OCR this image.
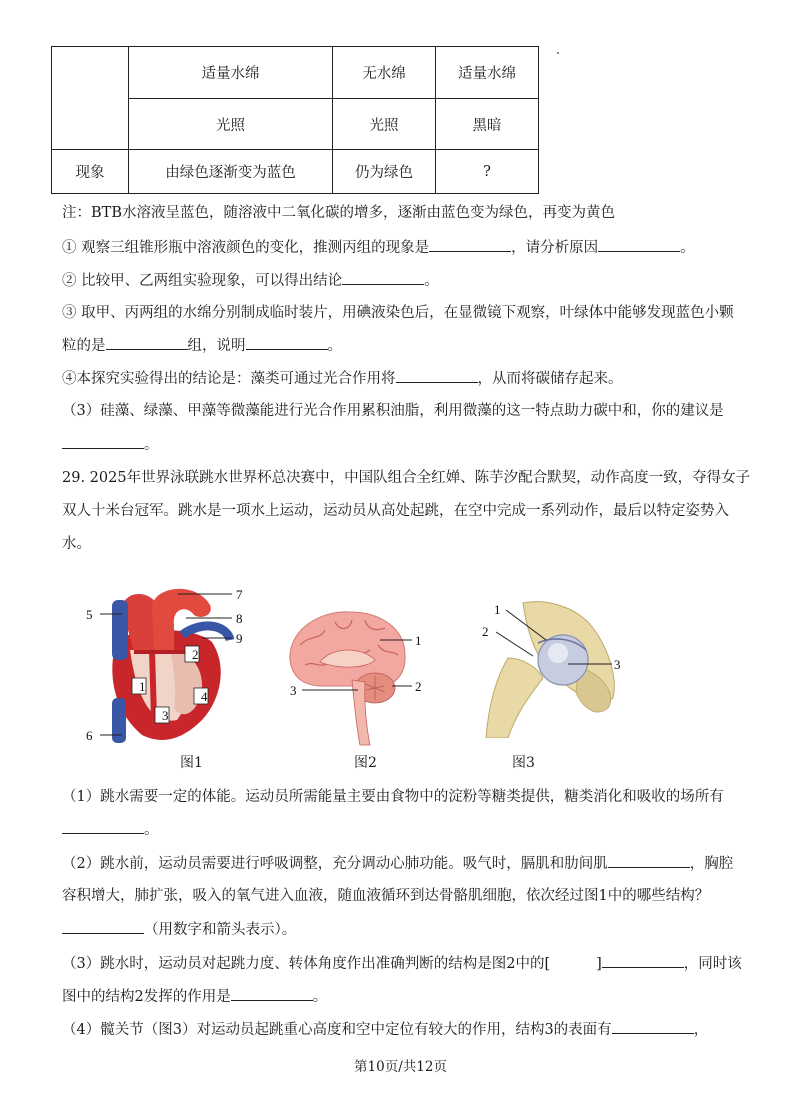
	适量水绵	无水绵	适量水绵
	光照	光照	黑暗
现象	由绿色逐渐变为蓝色	仍为绿色	?
注：BTB水溶液呈蓝色，随溶液中二氧化碳的增多，逐渐由蓝色变为绿色，再变为黄色
① 观察三组锥形瓶中溶液颜色的变化，推测丙组的现象是	，请分析原因	。
② 比较甲、乙两组实验现象，可以得出结论	。
③ 取甲、丙两组的水绵分别制成临时装片，用碘液染色后，在显微镜下观察，叶绿体中能够发现蓝色小颗
粒的是	组，说明	。
④本探究实验得出的结论是：藻类可通过光合作用将	，从而将碳储存起来。
（3）硅藻、绿藻、甲藻等微藻能进行光合作用累积油脂，利用微藻的这一特点助力碳中和，你的建议是
。
29. 2025年世界泳联跳水世界杯总决赛中，中国队组合全红婵、陈芋汐配合默契，动作高度一致，夺得女子
双人十米台冠军。跳水是一项水上运动，运动员从高处起跳，在空中完成一系列动作，最后以特定姿势入
水。
1
2
3
4
5
6
7
8
9
图1
1
2
3
图2
1
2
3
图3
（1）跳水需要一定的体能。运动员所需能量主要由食物中的淀粉等糖类提供，糖类消化和吸收的场所有
。
（2）跳水前，运动员需要进行呼吸调整，充分调动心肺功能。吸气时，膈肌和肋间肌	，胸腔
容积增大，肺扩张，吸入的氧气进入血液，随血液循环到达骨骼肌细胞，依次经过图1中的哪些结构？
（用数字和箭头表示）。
（3）跳水时，运动员对起跳力度、转体角度作出准确判断的结构是图2中的[	]	，同时该
图中的结构2发挥的作用是	。
（4）髋关节（图3）对运动员起跳重心高度和空中定位有较大的作用，结构3的表面有	，
第10页/共12页
